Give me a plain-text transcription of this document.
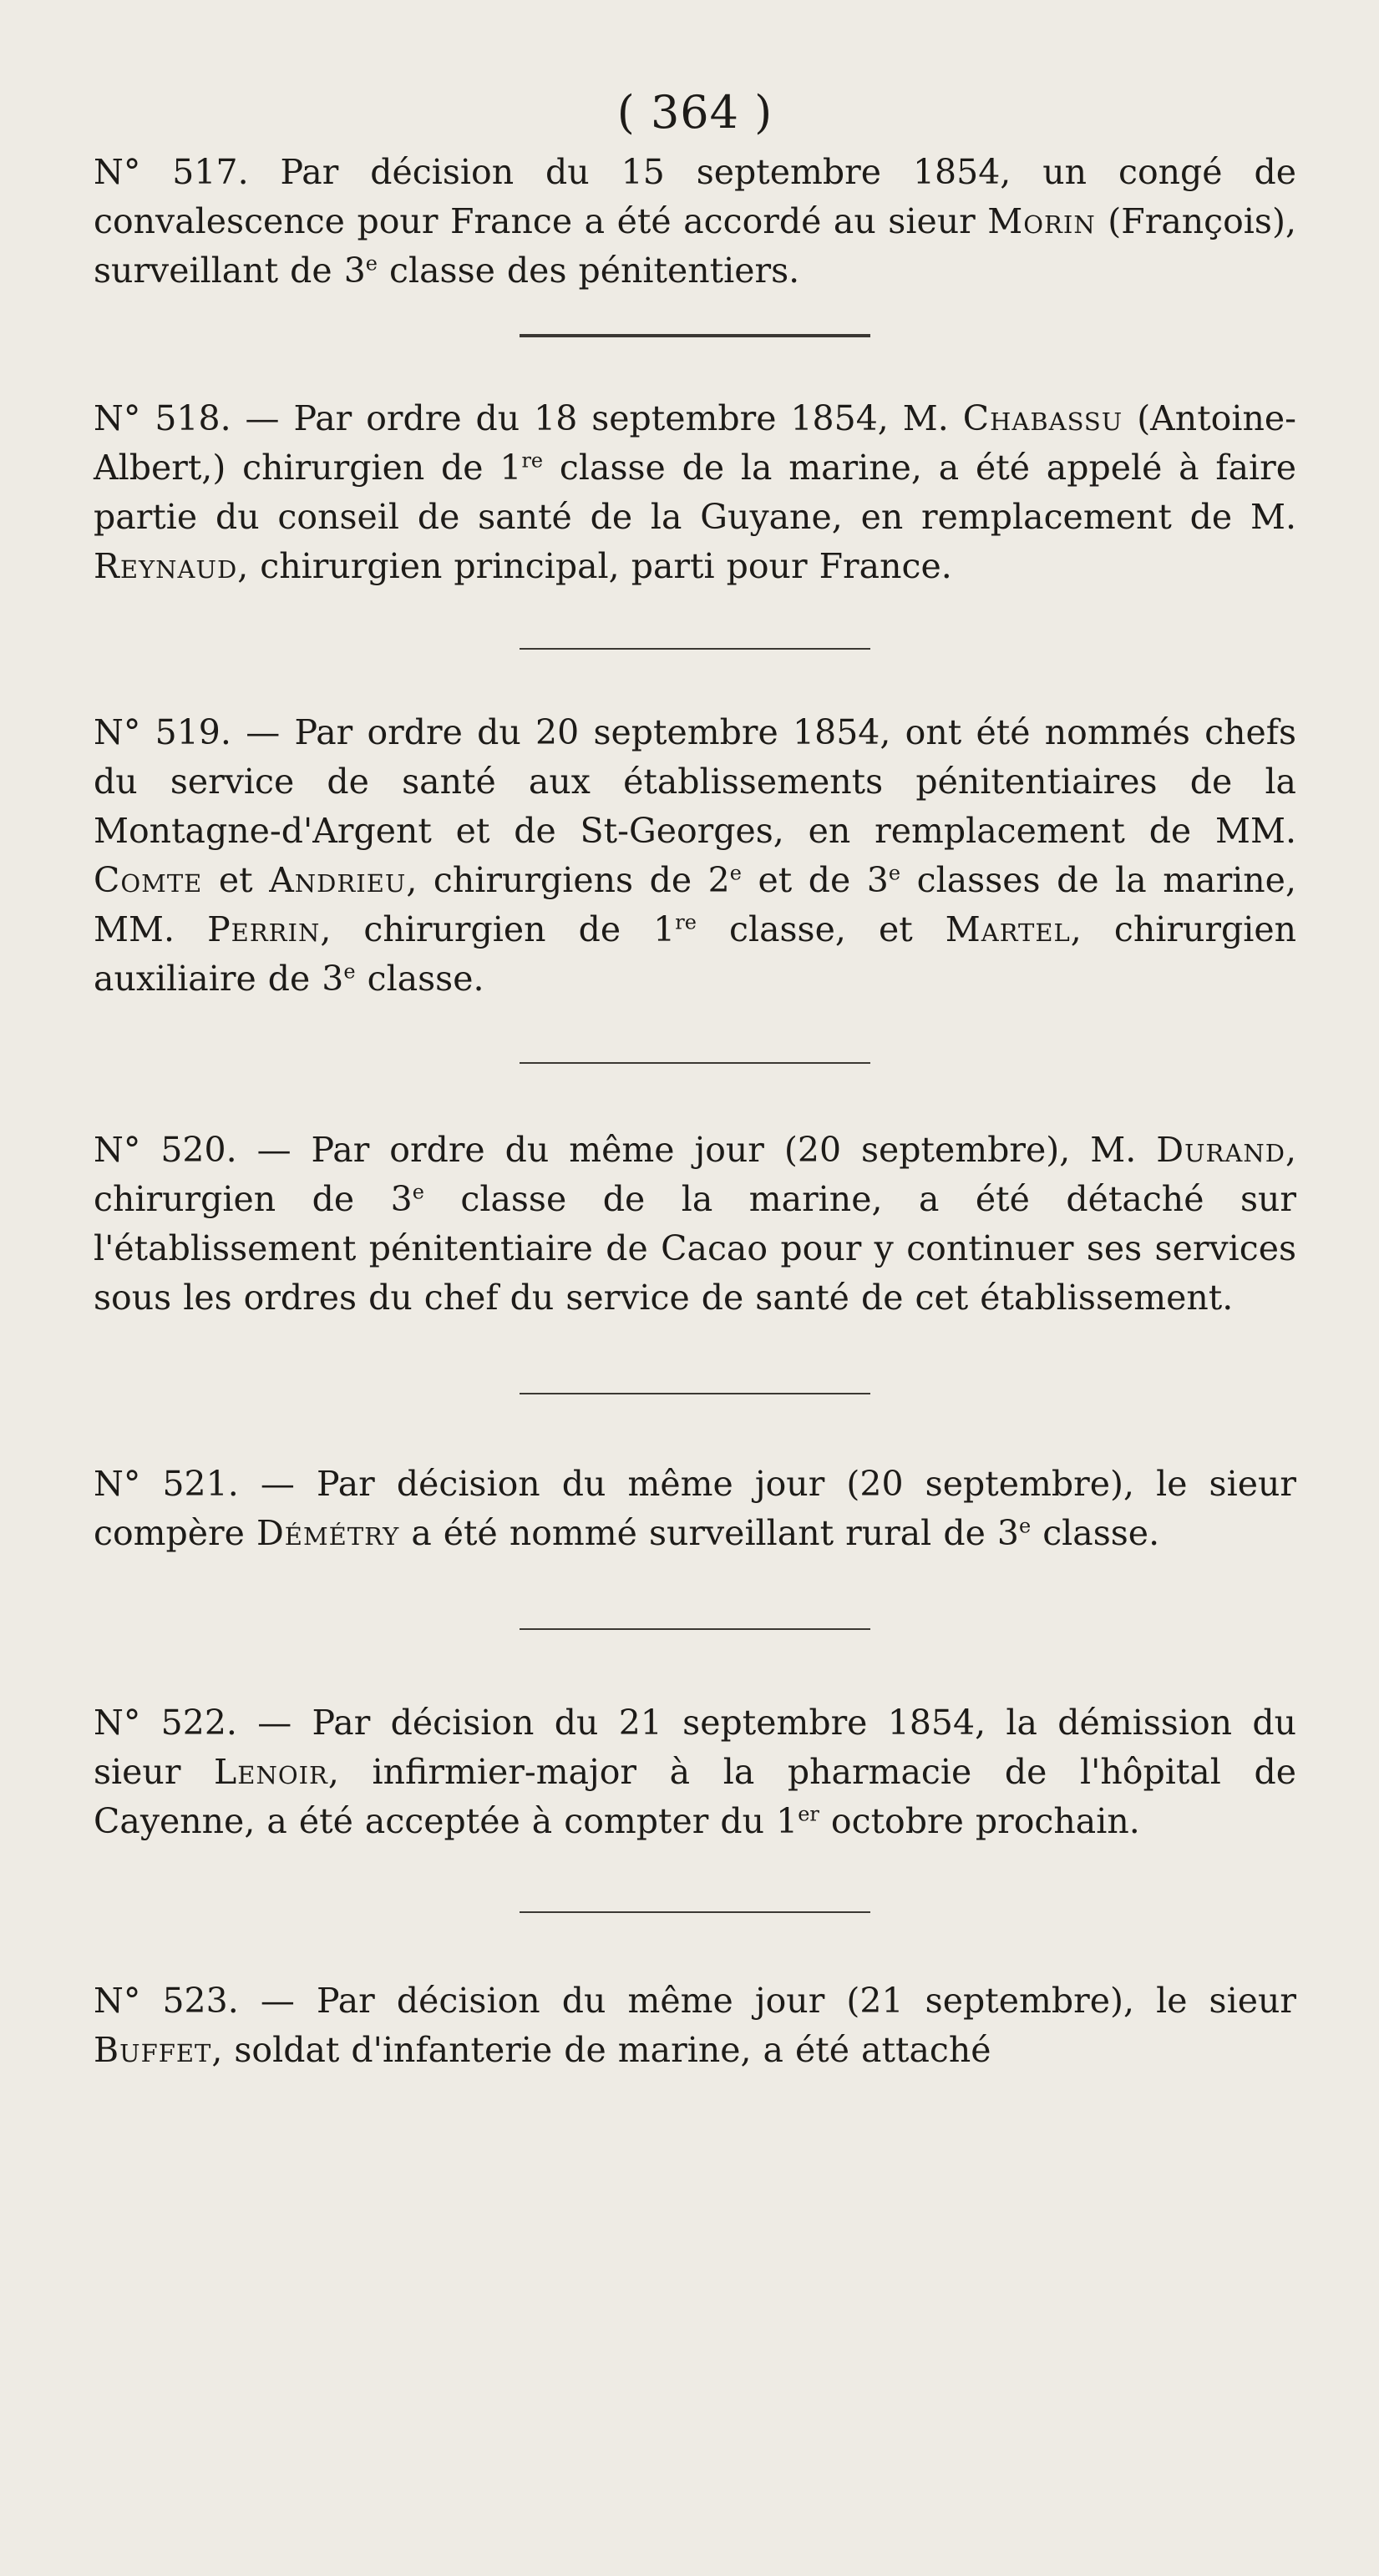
( 364 )

N° 517. Par décision du 15 septembre 1854, un congé de convalescence pour France a été accordé au sieur Morin (François), surveillant de 3e classe des pénitentiers.

N° 518. — Par ordre du 18 septembre 1854, M. Chabassu (Antoine-Albert,) chirurgien de 1re classe de la marine, a été appelé à faire partie du conseil de santé de la Guyane, en remplacement de M. Reynaud, chirurgien principal, parti pour France.

N° 519. — Par ordre du 20 septembre 1854, ont été nommés chefs du service de santé aux établissements pénitentiaires de la Montagne-d'Argent et de St-Georges, en remplacement de MM. Comte et Andrieu, chirurgiens de 2e et de 3e classes de la marine, MM. Perrin, chirurgien de 1re classe, et Martel, chirurgien auxiliaire de 3e classe.

N° 520. — Par ordre du même jour (20 septembre), M. Durand, chirurgien de 3e classe de la marine, a été détaché sur l'établissement pénitentiaire de Cacao pour y continuer ses services sous les ordres du chef du service de santé de cet établissement.

N° 521. — Par décision du même jour (20 septembre), le sieur compère Démétry a été nommé surveillant rural de 3e classe.

N° 522. — Par décision du 21 septembre 1854, la démission du sieur Lenoir, infirmier-major à la pharmacie de l'hôpital de Cayenne, a été acceptée à compter du 1er octobre prochain.

N° 523. — Par décision du même jour (21 septembre), le sieur Buffet, soldat d'infanterie de marine, a été attaché
